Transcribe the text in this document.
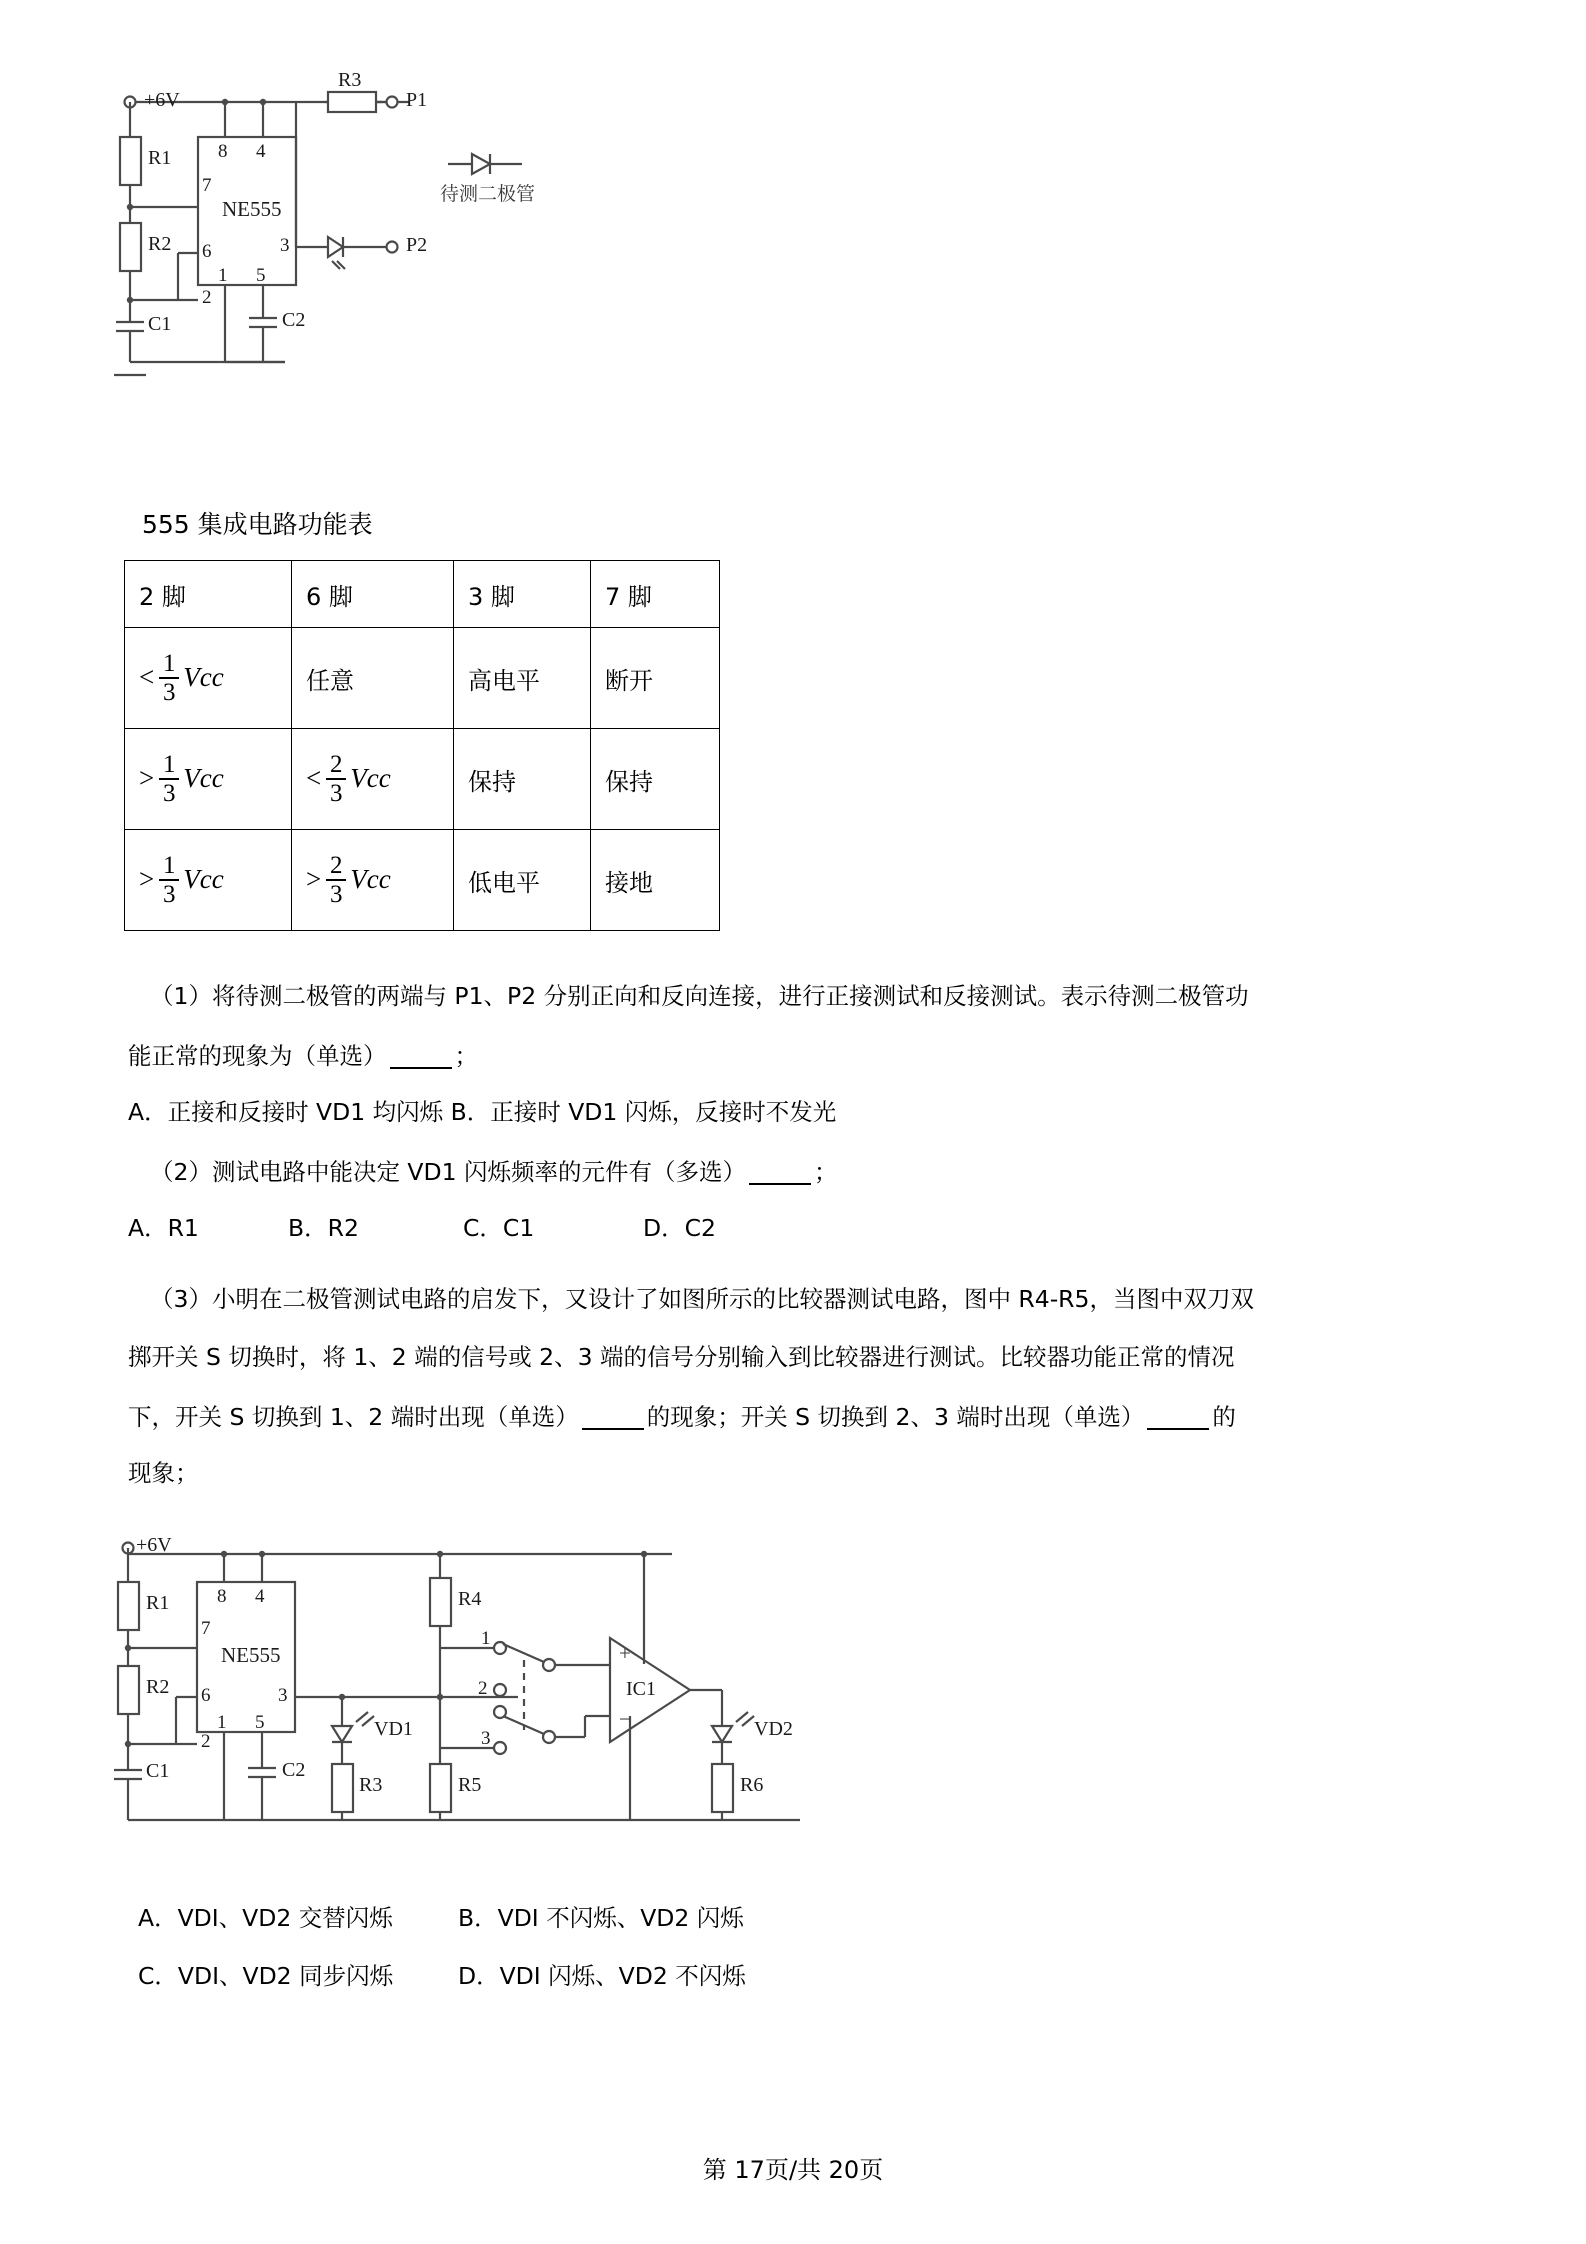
+6V
R1
R2
R3
C1	C2
P1
P2
NE555
待测二极管
8 4
7
6
2
3
1 5
555 集成电路功能表
2 脚	6 脚	3 脚	7 脚

< $\frac{1}{3}$ Vcc	任意	高电平	断开

> $\frac{1}{3}$ Vcc	< $\frac{2}{3}$ Vcc	保持	保持

> $\frac{1}{3}$ Vcc	> $\frac{2}{3}$ Vcc	低电平	接地
（1）将待测二极管的两端与 P1、P2 分别正向和反向连接，进行正接测试和反接测试。表示待测二极管功
能正常的现象为（单选）	；
A．正接和反接时 VD1 均闪烁 B．正接时 VD1 闪烁，反接时不发光
（2）测试电路中能决定 VD1 闪烁频率的元件有（多选）	；
A．R1	B．R2	C．C1	D．C2
（3）小明在二极管测试电路的启发下，又设计了如图所示的比较器测试电路，图中 R4-R5，当图中双刀双
掷开关 S 切换时，将 1、2 端的信号或 2、3 端的信号分别输入到比较器进行测试。比较器功能正常的情况
下，开关 S 切换到 1、2 端时出现（单选）	的现象；开关 S 切换到 2、3 端时出现（单选）	的
现象；
+
−
+6V
R1
R2
C1	C2
NE555
R3
R4
R5	R6
VD1	VD2
IC1
1
2
3
8 4
7
6
2
3
1 5
A．VDI、VD2 交替闪烁	B．VDI 不闪烁、VD2 闪烁
C．VDI、VD2 同步闪烁	D．VDI 闪烁、VD2 不闪烁
第 17页/共 20页
